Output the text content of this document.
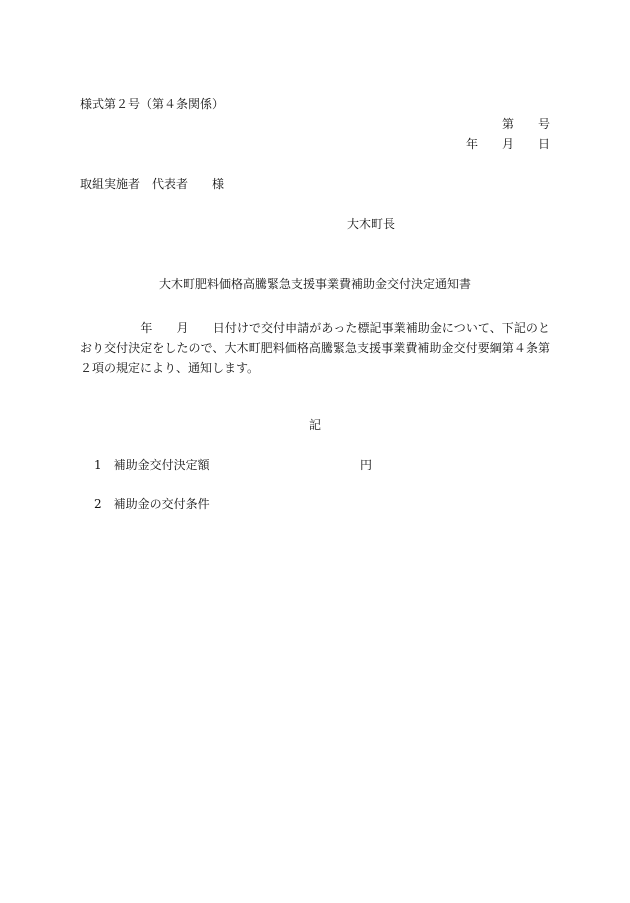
様式第２号（第４条関係）
第　　号
年　　月　　日
取組実施者　代表者　　様
大木町長
大木町肥料価格高騰緊急支援事業費補助金交付決定通知書
　　　　　年　　月　　日付けで交付申請があった標記事業補助金について、下記のとおり交付決定をしたので、大木町肥料価格高騰緊急支援事業費補助金交付要綱第４条第２項の規定により、通知します。
記
1 補助金交付決定額	円
2 補助金の交付条件
